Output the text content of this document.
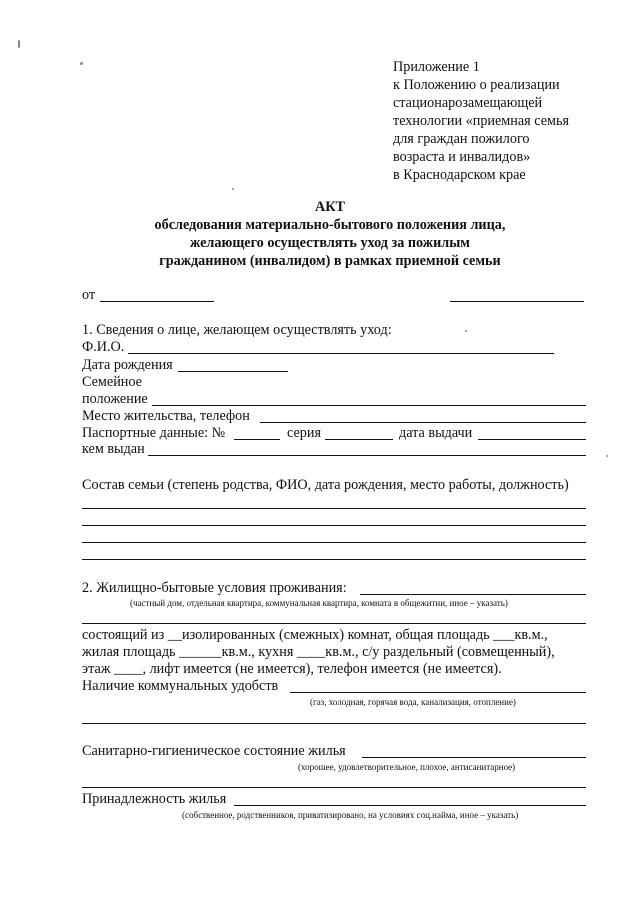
Приложение 1
к Положению о реализации
стационарозамещающей
технологии «приемная семья
для граждан пожилого
возраста и инвалидов»
в Краснодарском крае
АКТ
обследования материально-бытового положения лица,
желающего осуществлять уход за пожилым
гражданином (инвалидом) в рамках приемной семьи
от
1. Сведения о лице, желающем осуществлять уход:
Ф.И.О.
Дата рождения
Семейное
положение
Место жительства, телефон
Паспортные данные: №	серия	дата выдачи
кем выдан
Состав семьи (степень родства, ФИО, дата рождения, место работы, должность)
2. Жилищно-бытовые условия проживания:
(частный дом, отдельная квартира, коммунальная квартира, комната в общежитии, иное – указать)
состоящий из __изолированных (смежных) комнат, общая площадь ___кв.м.,
жилая площадь ______кв.м., кухня ____кв.м., с/у раздельный (совмещенный),
этаж ____, лифт имеется (не имеется), телефон имеется (не имеется).
Наличие коммунальных удобств
(газ, холодная, горячая вода, канализация, отопление)
Санитарно-гигиеническое состояние жилья
(хорошее, удовлетворительное, плохое, антисанитарное)
Принадлежность жилья
(собственное, родственников, приватизировано, на условиях соц.найма, иное – указать)
